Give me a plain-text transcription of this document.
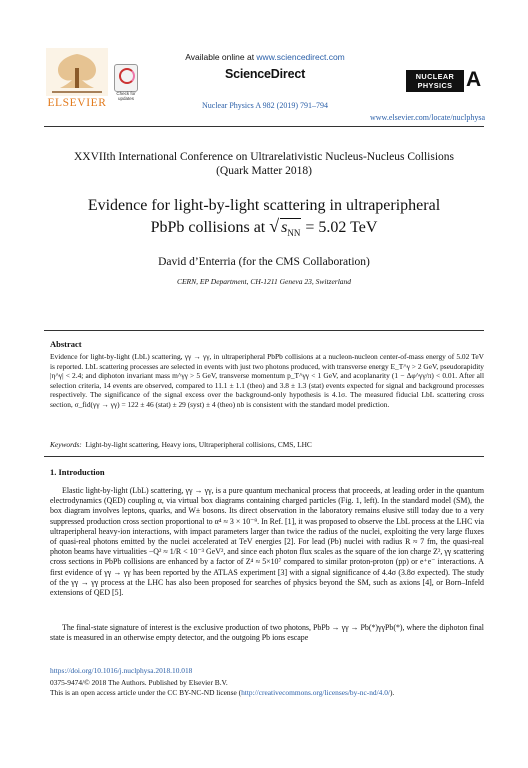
ELSEVIER
Check for updates
Available online at www.sciencedirect.com
ScienceDirect
Nuclear Physics A 982 (2019) 791–794
NUCLEAR
PHYSICS A
www.elsevier.com/locate/nuclphysa
XXVIIth International Conference on Ultrarelativistic Nucleus-Nucleus Collisions
(Quark Matter 2018)
Evidence for light-by-light scattering in ultraperipheral
PbPb collisions at √ $s_{NN} = 5.02$ TeV
David d’Enterria (for the CMS Collaboration)
CERN, EP Department, CH-1211 Geneva 23, Switzerland
Abstract
Evidence for light-by-light (LbL) scattering, γγ → γγ, in ultraperipheral PbPb collisions at a nucleon-nucleon center-of-mass energy of 5.02 TeV is reported. LbL scattering processes are selected in events with just two photons produced, with transverse energy E_T^γ > 2 GeV, pseudorapidity |η^γ| < 2.4; and diphoton invariant mass m^γγ > 5 GeV, transverse momentum p_T^γγ < 1 GeV, and acoplanarity (1 − Δφ^γγ/π) < 0.01. After all selection criteria, 14 events are observed, compared to 11.1 ± 1.1 (theo) and 3.8 ± 1.3 (stat) events expected for signal and background processes respectively. The significance of the signal excess over the background-only hypothesis is 4.1σ. The measured fiducial LbL scattering cross section, σ_fid(γγ → γγ) = 122 ± 46 (stat) ± 29 (syst) ± 4 (theo) nb is consistent with the standard model prediction.
Keywords: Light-by-light scattering, Heavy ions, Ultraperipheral collisions, CMS, LHC
1. Introduction
Elastic light-by-light (LbL) scattering, γγ → γγ, is a pure quantum mechanical process that proceeds, at leading order in the quantum electrodynamics (QED) coupling α, via virtual box diagrams containing charged particles (Fig. 1, left). In the standard model (SM), the box diagram involves leptons, quarks, and W± bosons. Its direct observation in the laboratory remains elusive still today due to a very suppressed production cross section proportional to α⁴ ≈ 3 × 10⁻⁹. In Ref. [1], it was proposed to observe the LbL process at the LHC via ultraperipheral heavy-ion interactions, with impact parameters larger than twice the radius of the nuclei, exploiting the very large fluxes of quasi-real photons emitted by the nuclei accelerated at TeV energies [2]. For lead (Pb) nuclei with radius R ≈ 7 fm, the quasi-real photon beams have virtualities −Q² ≈ 1/R < 10⁻³ GeV², and since each photon flux scales as the square of the ion charge Z², γγ scattering cross sections in PbPb collisions are enhanced by a factor of Z⁴ ≈ 5×10⁷ compared to similar proton-proton (pp) or e⁺e⁻ interactions. A first evidence of γγ → γγ has been reported by the ATLAS experiment [3] with a signal significance of 4.4σ (3.8σ expected). The study of the γγ → γγ process at the LHC has also been proposed for searches of physics beyond the SM, such as axions [4], or Born–Infeld extensions of QED [5].
The final-state signature of interest is the exclusive production of two photons, PbPb → γγ → Pb(*)γγPb(*), where the diphoton final state is measured in an otherwise empty detector, and the outgoing Pb ions escape
https://doi.org/10.1016/j.nuclphysa.2018.10.018
0375-9474/© 2018 The Authors. Published by Elsevier B.V.
This is an open access article under the CC BY-NC-ND license (http://creativecommons.org/licenses/by-nc-nd/4.0/).
